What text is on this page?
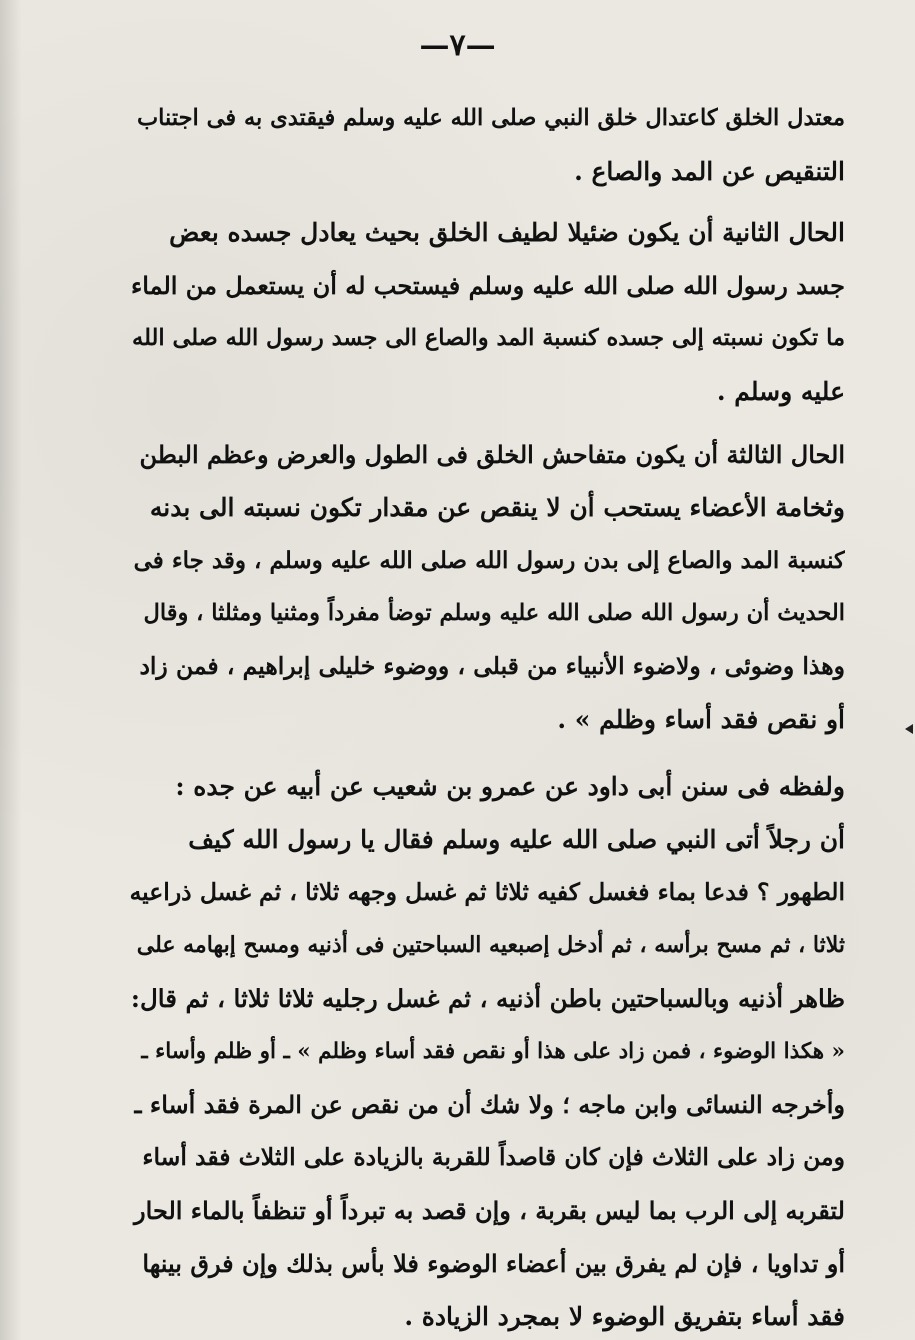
—٧—
معتدل الخلق كاعتدال خلق النبي صلى الله عليه وسلم فيقتدى به فى اجتناب
التنقيص عن المد والصاع .
الحال الثانية أن يكون ضئيلا لطيف الخلق بحيث يعادل جسده بعض
جسد رسول الله صلى الله عليه وسلم فيستحب له أن يستعمل من الماء
ما تكون نسبته إلى جسده كنسبة المد والصاع الى جسد رسول الله صلى الله
عليه وسلم .
الحال الثالثة أن يكون متفاحش الخلق فى الطول والعرض وعظم البطن
وثخامة الأعضاء يستحب أن لا ينقص عن مقدار تكون نسبته الى بدنه
كنسبة المد والصاع إلى بدن رسول الله صلى الله عليه وسلم ، وقد جاء فى
الحديث أن رسول الله صلى الله عليه وسلم توضأ مفرداً ومثنيا ومثلثا ، وقال
وهذا وضوئى ، ولاضوء الأنبياء من قبلى ، ووضوء خليلى إبراهيم ، فمن زاد
أو نقص فقد أساء وظلم » .
ولفظه فى سنن أبى داود عن عمرو بن شعيب عن أبيه عن جده :
أن رجلاً أتى النبي صلى الله عليه وسلم فقال يا رسول الله كيف
الطهور ؟ فدعا بماء فغسل كفيه ثلاثا ثم غسل وجهه ثلاثا ، ثم غسل ذراعيه
ثلاثا ، ثم مسح برأسه ، ثم أدخل إصبعيه السباحتين فى أذنيه ومسح إبهامه على
ظاهر أذنيه وبالسباحتين باطن أذنيه ، ثم غسل رجليه ثلاثا ثلاثا ، ثم قال:
« هكذا الوضوء ، فمن زاد على هذا أو نقص فقد أساء وظلم » ـ أو ظلم وأساء ـ
وأخرجه النسائى وابن ماجه ؛ ولا شك أن من نقص عن المرة فقد أساء ـ
ومن زاد على الثلاث فإن كان قاصداً للقربة بالزيادة على الثلاث فقد أساء
لتقربه إلى الرب بما ليس بقربة ، وإن قصد به تبرداً أو تنظفاً بالماء الحار
أو تداويا ، فإن لم يفرق بين أعضاء الوضوء فلا بأس بذلك وإن فرق بينها
فقد أساء بتفريق الوضوء لا بمجرد الزيادة .
